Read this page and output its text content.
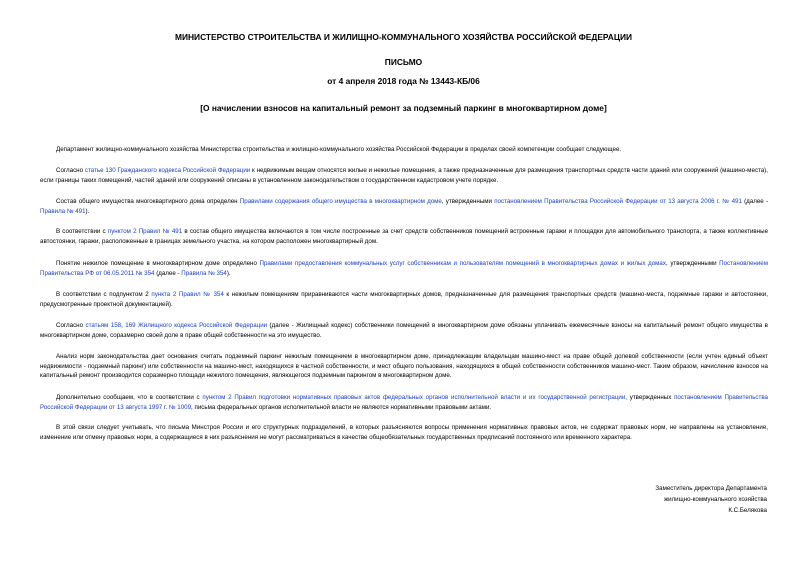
МИНИСТЕРСТВО СТРОИТЕЛЬСТВА И ЖИЛИЩНО-КОММУНАЛЬНОГО ХОЗЯЙСТВА РОССИЙСКОЙ ФЕДЕРАЦИИ
ПИСЬМО
от 4 апреля 2018 года № 13443-КБ/06
[О начислении взносов на капитальный ремонт за подземный паркинг в многоквартирном доме]

Департамент жилищно-коммунального хозяйства Министерства строительства и жилищно-коммунального хозяйства Российской Федерации в пределах своей компетенции сообщает следующее.

Согласно статье 130 Гражданского кодекса Российской Федерации к недвижимым вещам относятся жилые и нежилые помещения, а также предназначенные для размещения транспортных средств части зданий или сооружений (машино-места), если границы таких помещений, частей зданий или сооружений описаны в установленном законодательством о государственном кадастровом учете порядке.

Состав общего имущества многоквартирного дома определен Правилами содержания общего имущества в многоквартирном доме, утвержденными постановлением Правительства Российской Федерации от 13 августа 2006 г. № 491 (далее - Правила № 491).

В соответствии с пунктом 2 Правил № 491 в состав общего имущества включаются в том числе построенные за счет средств собственников помещений встроенные гаражи и площадки для автомобильного транспорта, а также коллективные автостоянки, гаражи, расположенные в границах земельного участка, на котором расположен многоквартирный дом.

Понятие нежилое помещение в многоквартирном доме определено Правилами предоставления коммунальных услуг собственникам и пользователям помещений в многоквартирных домах и жилых домах, утвержденными Постановлением Правительства РФ от 06.05.2011 № 354 (далее - Правила № 354).

В соответствии с подпунктом 2 пункта 2 Правил № 354 к нежилым помещениям приравниваются части многоквартирных домов, предназначенные для размещения транспортных средств (машино-места, подземные гаражи и автостоянки, предусмотренные проектной документацией).

Согласно статьям 158, 169 Жилищного кодекса Российской Федерации (далее - Жилищный кодекс) собственники помещений в многоквартирном доме обязаны уплачивать ежемесячные взносы на капитальный ремонт общего имущества в многоквартирном доме, соразмерно своей доле в праве общей собственности на это имущество.

Анализ норм законодательства дает основания считать подземный паркинг нежилым помещением в многоквартирном доме, принадлежащим владельцам машино-мест на праве общей долевой собственности (если учтен единый объект недвижимости - подземный паркинг) или собственности на машино-мест, находящихся в частной собственности, и мест общего пользования, находящихся в общей собственности собственников машино-мест. Таким образом, начисление взносов на капитальный ремонт производится соразмерно площади нежилого помещения, являющегося подземным паркингом в многоквартирном доме.

Дополнительно сообщаем, что в соответствии с пунктом 2 Правил подготовки нормативных правовых актов федеральных органов исполнительной власти и их государственной регистрации, утвержденных постановлением Правительства Российской Федерации от 13 августа 1997 г. № 1009, письма федеральных органов исполнительной власти не являются нормативными правовыми актами.

В этой связи следует учитывать, что письма Минстроя России и его структурных подразделений, в которых разъясняются вопросы применения нормативных правовых актов, не содержат правовых норм, не направлены на установление, изменение или отмену правовых норм, а содержащиеся в них разъяснения не могут рассматриваться в качестве общеобязательных государственных предписаний постоянного или временного характера.

Заместитель директора Департамента
жилищно-коммунального хозяйства
К.С.Белякова
